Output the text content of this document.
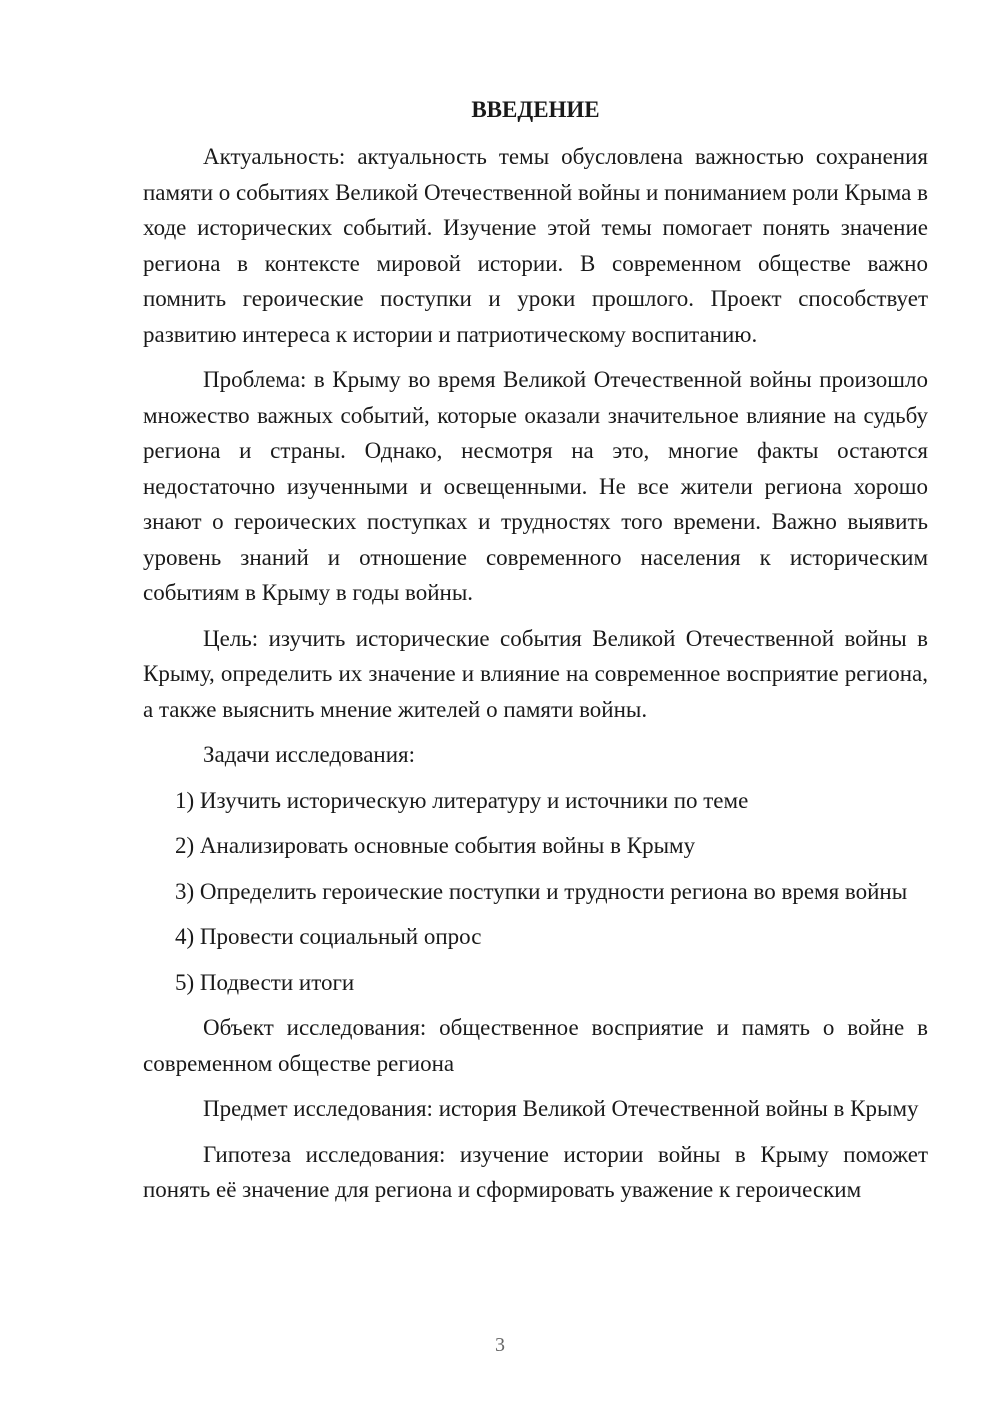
ВВЕДЕНИЕ

Актуальность: актуальность темы обусловлена важностью сохранения памяти о событиях Великой Отечественной войны и пониманием роли Крыма в ходе исторических событий. Изучение этой темы помогает понять значение региона в контексте мировой истории. В современном обществе важно помнить героические поступки и уроки прошлого. Проект способствует развитию интереса к истории и патриотическому воспитанию.

Проблема: в Крыму во время Великой Отечественной войны произошло множество важных событий, которые оказали значительное влияние на судьбу региона и страны. Однако, несмотря на это, многие факты остаются недостаточно изученными и освещенными. Не все жители региона хорошо знают о героических поступках и трудностях того времени. Важно выявить уровень знаний и отношение современного населения к историческим событиям в Крыму в годы войны.

Цель: изучить исторические события Великой Отечественной войны в Крыму, определить их значение и влияние на современное восприятие региона, а также выяснить мнение жителей о памяти войны.

Задачи исследования:

1) Изучить историческую литературу и источники по теме

2) Анализировать основные события войны в Крыму

3) Определить героические поступки и трудности региона во время войны

4) Провести социальный опрос

5) Подвести итоги

Объект исследования: общественное восприятие и память о войне в современном обществе региона

Предмет исследования: история Великой Отечественной войны в Крыму

Гипотеза исследования: изучение истории войны в Крыму поможет понять её значение для региона и сформировать уважение к героическим

3
